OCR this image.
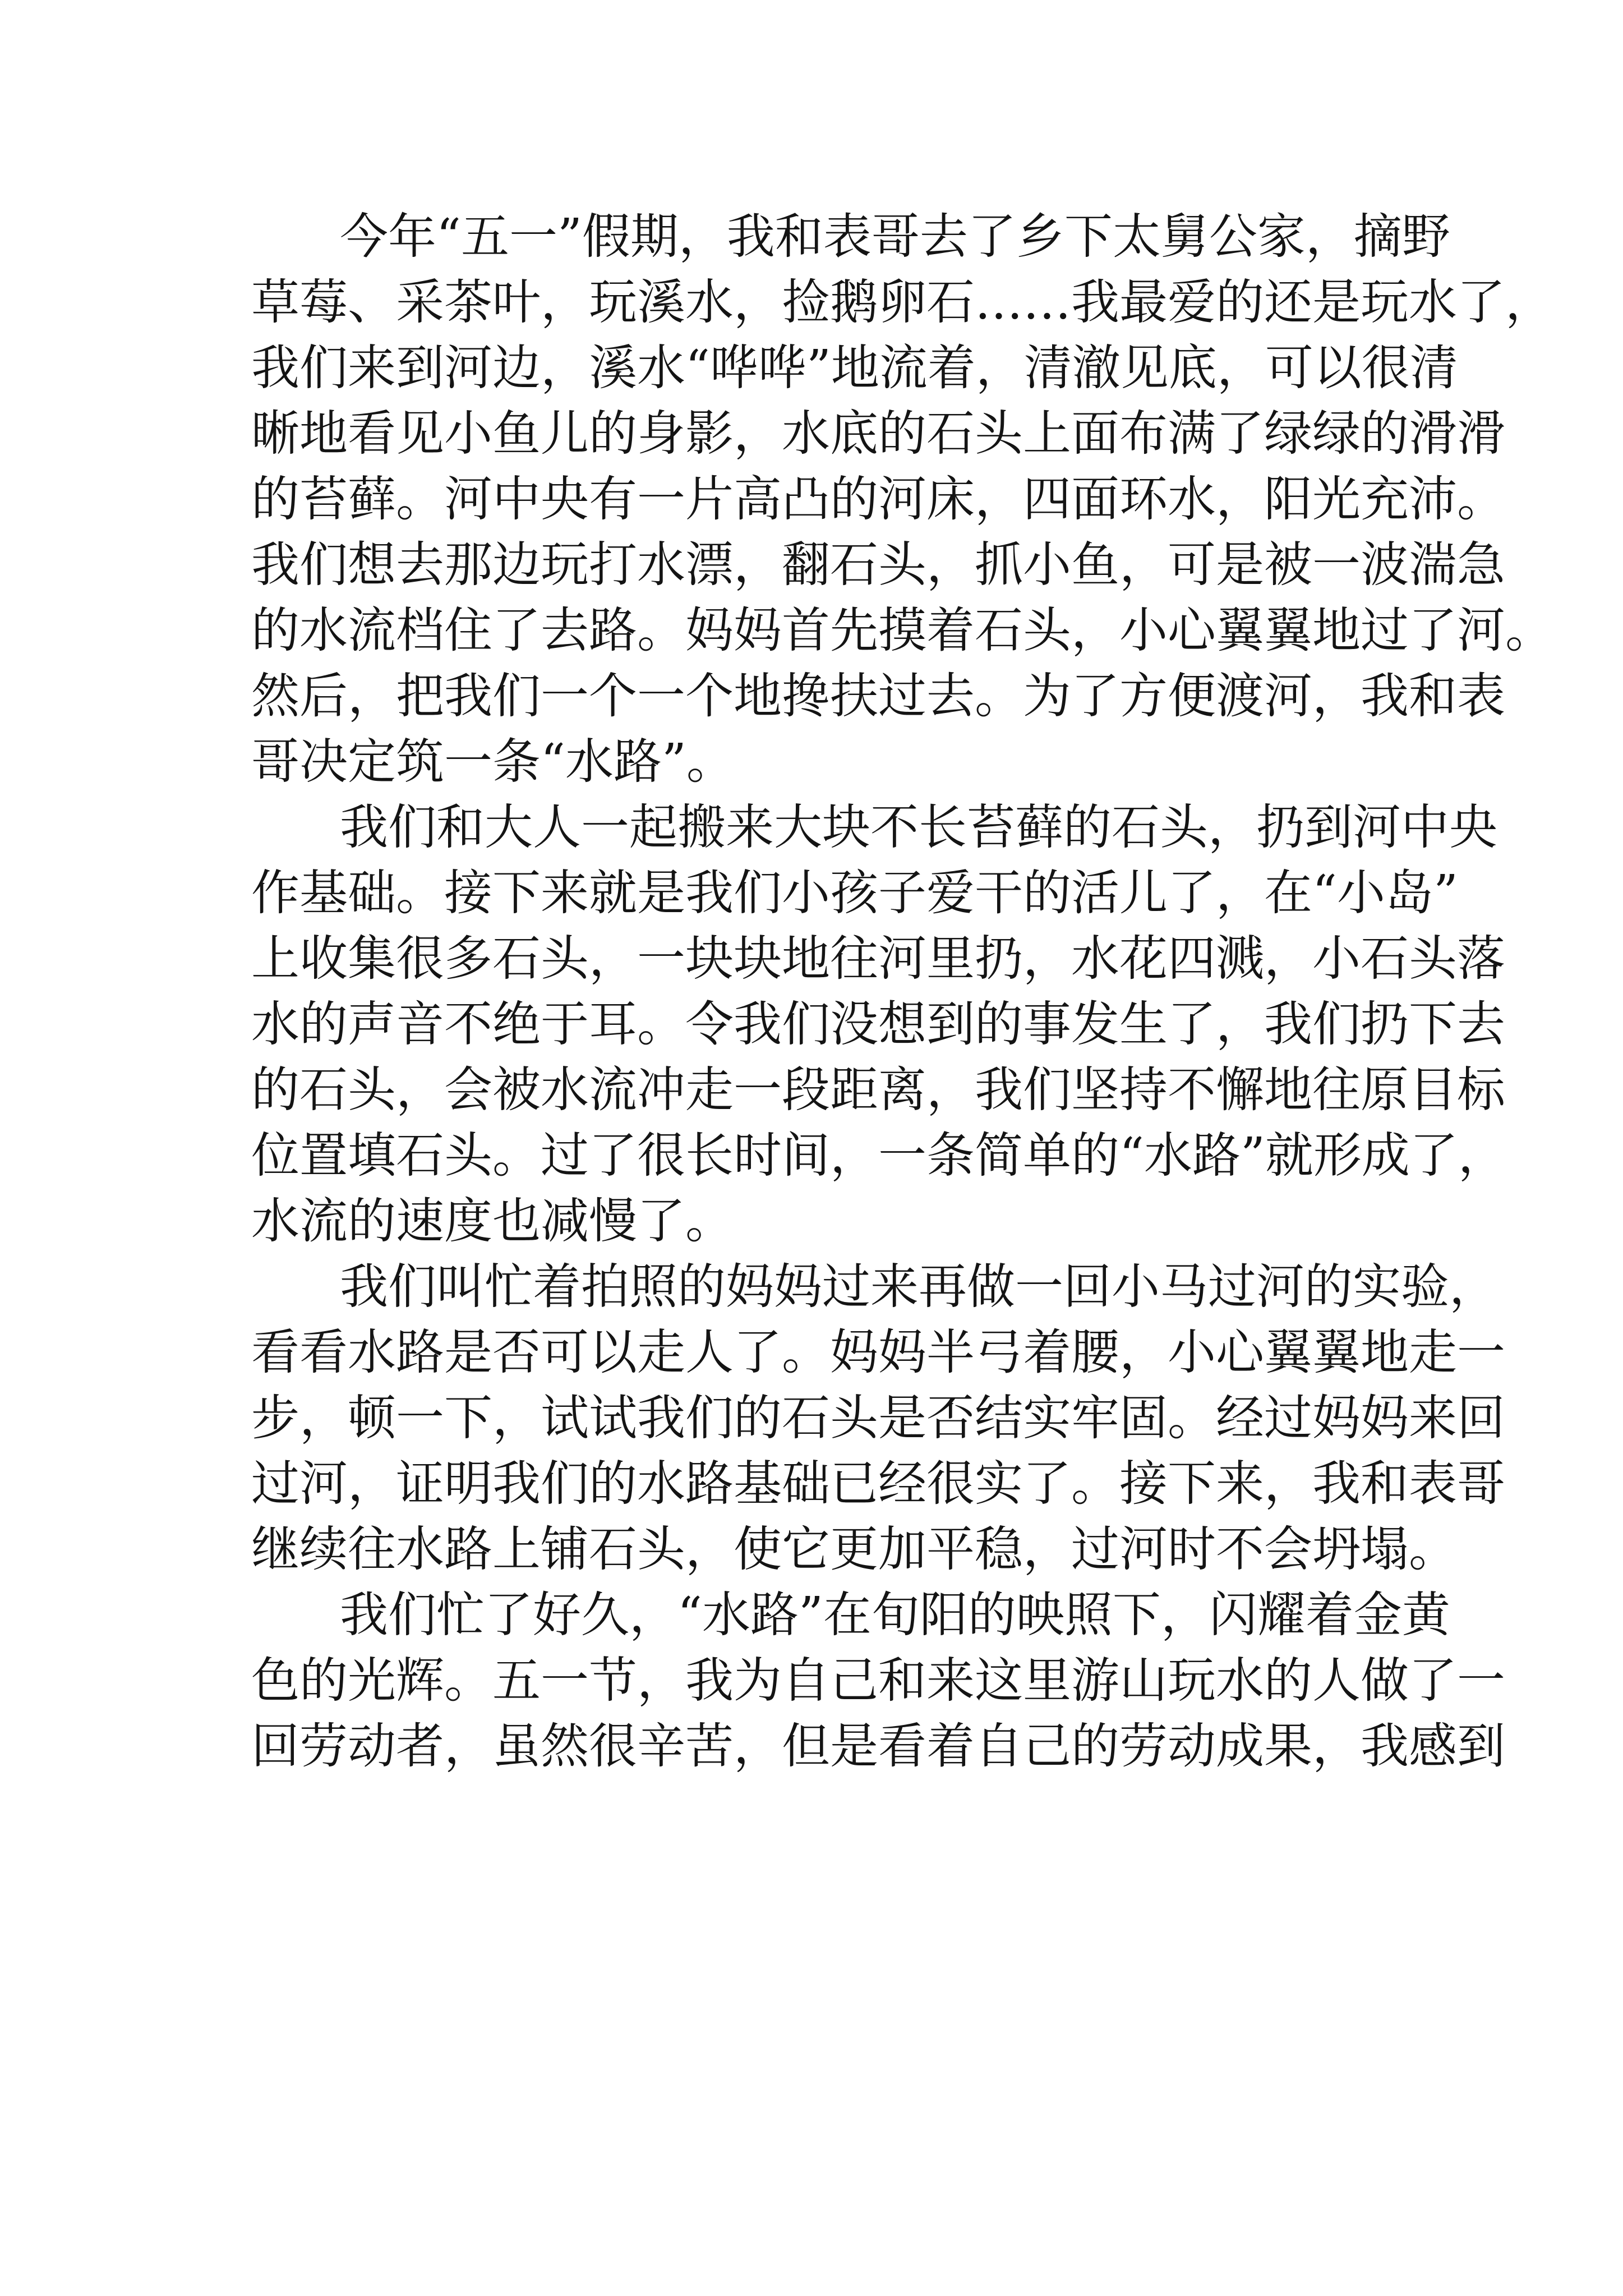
今年“五一”假期，我和表哥去了乡下太舅公家，摘野
草莓、采茶叶，玩溪水，捡鹅卵石……我最爱的还是玩水了，
我们来到河边，溪水“哗哗”地流着，清澈见底，可以很清
晰地看见小鱼儿的身影，水底的石头上面布满了绿绿的滑滑
的苔藓。河中央有一片高凸的河床，四面环水，阳光充沛。
我们想去那边玩打水漂，翻石头，抓小鱼，可是被一波湍急
的水流档住了去路。妈妈首先摸着石头，小心翼翼地过了河。
然后，把我们一个一个地搀扶过去。为了方便渡河，我和表
哥决定筑一条“水路”。

我们和大人一起搬来大块不长苔藓的石头，扔到河中央
作基础。接下来就是我们小孩子爱干的活儿了，在“小岛”
上收集很多石头，一块块地往河里扔，水花四溅，小石头落
水的声音不绝于耳。令我们没想到的事发生了，我们扔下去
的石头，会被水流冲走一段距离，我们坚持不懈地往原目标
位置填石头。过了很长时间，一条简单的“水路”就形成了，
水流的速度也减慢了。

我们叫忙着拍照的妈妈过来再做一回小马过河的实验，
看看水路是否可以走人了。妈妈半弓着腰，小心翼翼地走一
步，顿一下，试试我们的石头是否结实牢固。经过妈妈来回
过河，证明我们的水路基础已经很实了。接下来，我和表哥
继续往水路上铺石头，使它更加平稳，过河时不会坍塌。

我们忙了好久，“水路”在旬阳的映照下，闪耀着金黄
色的光辉。五一节，我为自己和来这里游山玩水的人做了一
回劳动者，虽然很辛苦，但是看着自己的劳动成果，我感到
